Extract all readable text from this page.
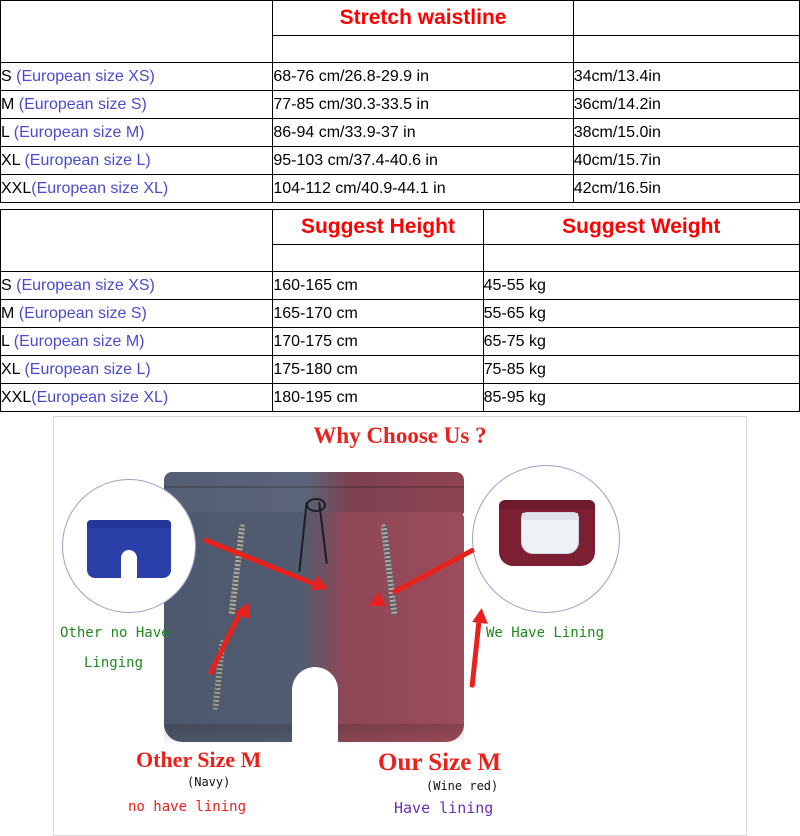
Size	Stretch waistline	flat measure
	cm/in	cm/in
S (European size XS)	68-76 cm/26.8-29.9 in	34cm/13.4in
M (European size S)	77-85 cm/30.3-33.5 in	36cm/14.2in
L (European size M)	86-94 cm/33.9-37 in	38cm/15.0in
XL (European size L)	95-103 cm/37.4-40.6 in	40cm/15.7in
XXL(European size XL)	104-112 cm/40.9-44.1 in	42cm/16.5in
Size	Suggest Height	Suggest Weight
	cm	KG
S (European size XS)	160-165 cm	45-55 kg
M (European size S)	165-170 cm	55-65 kg
L (European size M)	170-175 cm	65-75 kg
XL (European size L)	175-180 cm	75-85 kg
XXL(European size XL)	180-195 cm	85-95 kg
Why Choose Us ?
Other no Have
Linging
We Have Lining
Other Size M
(Navy)
no have lining
Our Size M
(Wine red)
Have lining
